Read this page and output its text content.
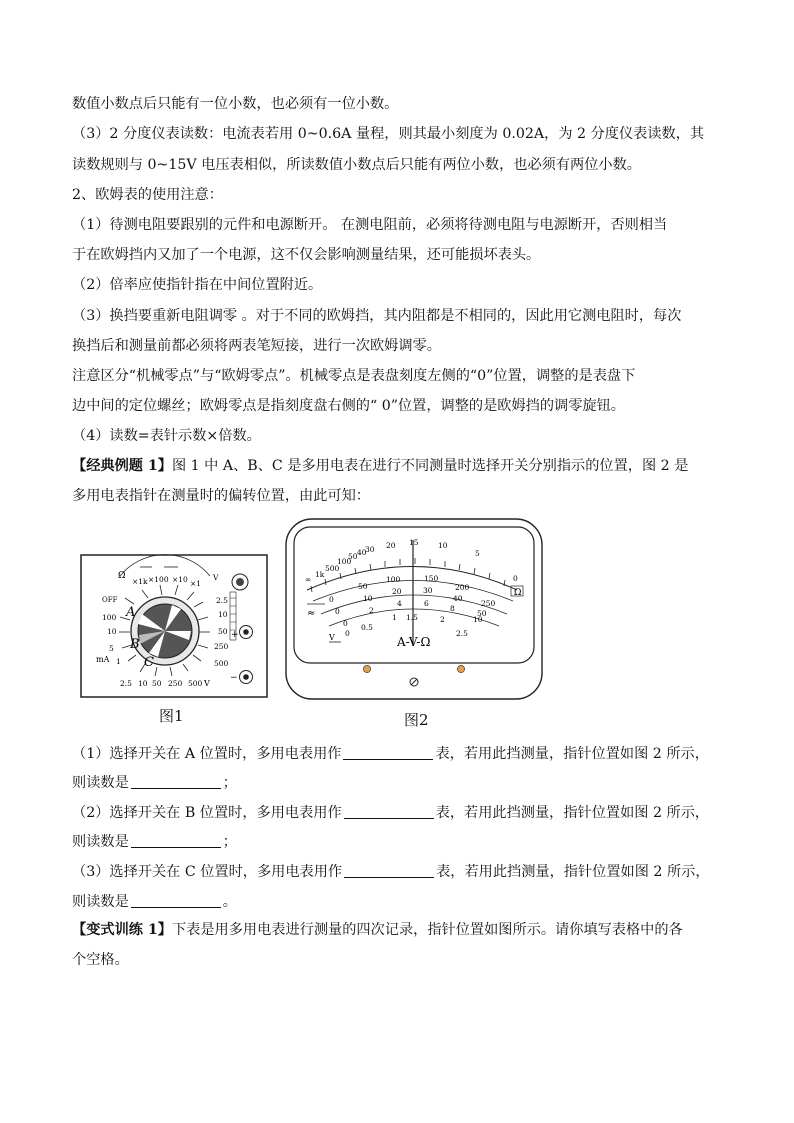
数值小数点后只能有一位小数，也必须有一位小数。
（3）2 分度仪表读数：电流表若用 0~0.6A 量程，则其最小刻度为 0.02A，为 2 分度仪表读数，其
读数规则与 0~15V 电压表相似，所读数值小数点后只能有两位小数，也必须有两位小数。
2、欧姆表的使用注意：
（1）待测电阻要跟别的元件和电源断开。 在测电阻前，必须将待测电阻与电源断开，否则相当
于在欧姆挡内又加了一个电源，这不仅会影响测量结果，还可能损坏表头。
（2）倍率应使指针指在中间位置附近。
（3）换挡要重新电阻调零 。对于不同的欧姆挡，其内阻都是不相同的，因此用它测电阻时，每次
换挡后和测量前都必须将两表笔短接，进行一次欧姆调零。
注意区分“机械零点”与“欧姆零点”。机械零点是表盘刻度左侧的“0”位置，调整的是表盘下
边中间的定位螺丝；欧姆零点是指刻度盘右侧的“ 0”位置，调整的是欧姆挡的调零旋钮。
（4）读数=表针示数×倍数。
【经典例题 1】图 1 中 A、B、C 是多用电表在进行不同测量时选择开关分别指示的位置，图 2 是
多用电表指针在测量时的偏转位置，由此可知：
Ω
×1k ×100 ×10 ×1
V
OFF
100
10
5
1
mA
2.5
10
50
250
500
2.5 10 50 250 500 V
A
B
C
+
−
图1
∞
1k
500
100
50 40
30 20 15	10
5
0
Ω
0
50
100	150
200
250
0
10
20	30
40
50
0
2
4	6
8
10
0
0.5
1 1.5	2
2.5
≈
V	A-V-Ω
图2
（1）选择开关在 A 位置时，多用电表用作	表，若用此挡测量，指针位置如图 2 所示，
则读数是	；
（2）选择开关在 B 位置时，多用电表用作	表，若用此挡测量，指针位置如图 2 所示，
则读数是	；
（3）选择开关在 C 位置时，多用电表用作	表，若用此挡测量，指针位置如图 2 所示，
则读数是	。
【变式训练 1】下表是用多用电表进行测量的四次记录，指针位置如图所示。请你填写表格中的各
个空格。
